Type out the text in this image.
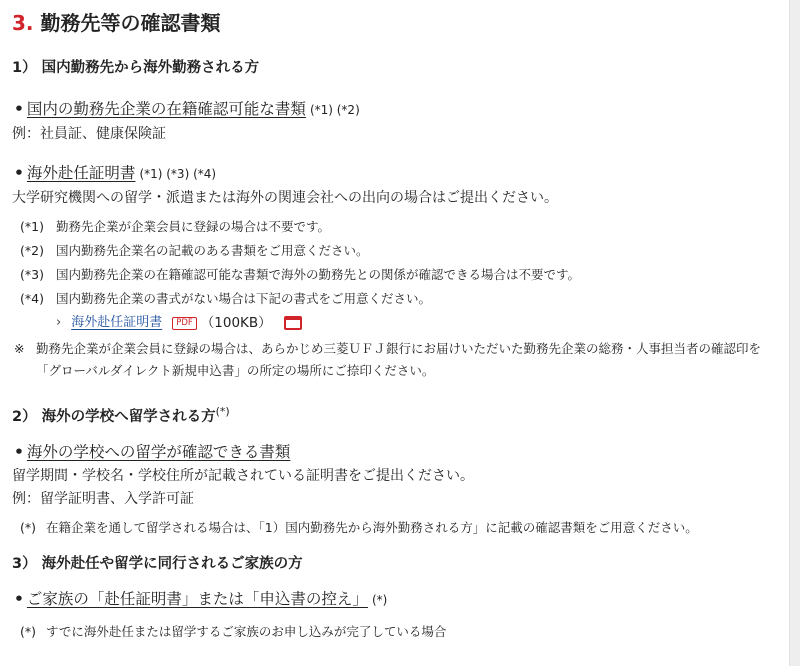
3. 勤務先等の確認書類

1） 国内勤務先から海外勤務される方

• 国内の勤務先企業の在籍確認可能な書類 (*1) (*2)

例：社員証、健康保険証

• 海外赴任証明書 (*1) (*3) (*4)

大学研究機関への留学・派遣または海外の関連会社への出向の場合はご提出ください。

(*1) 勤務先企業が企業会員に登録の場合は不要です。
(*2) 国内勤務先企業名の記載のある書類をご用意ください。
(*3) 国内勤務先企業の在籍確認可能な書類で海外の勤務先との関係が確認できる場合は不要です。
(*4) 国内勤務先企業の書式がない場合は下記の書式をご用意ください。
› 海外赴任証明書	PDF （100KB）

※ 勤務先企業が企業会員に登録の場合は、あらかじめ三菱ＵＦＪ銀行にお届けいただいた勤務先企業の総務・人事担当者の確認印を「グローバルダイレクト新規申込書」の所定の場所にご捺印ください。

2） 海外の学校へ留学される方(*)

• 海外の学校への留学が確認できる書類

留学期間・学校名・学校住所が記載されている証明書をご提出ください。

例：留学証明書、入学許可証

(*) 在籍企業を通して留学される場合は、「1）国内勤務先から海外勤務される方」に記載の確認書類をご用意ください。

3） 海外赴任や留学に同行されるご家族の方

• ご家族の「赴任証明書」または「申込書の控え」 (*)

(*) すでに海外赴任または留学するご家族のお申し込みが完了している場合
